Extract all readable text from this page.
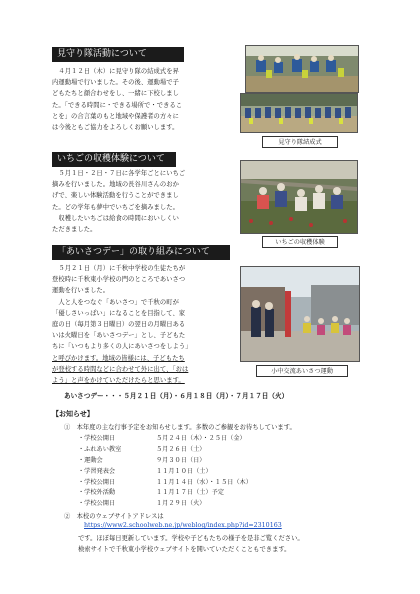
見守り隊活動について
　４月１２日（木）に見守り隊の結成式を昇
内運動場で行いました。その後、運動場で子
どもたちと顔合わせをし、一緒に下校しまし
た。「できる時間に・できる場所で・できるこ
とを」の合言葉のもと地域や保護者の方々に
は今後ともご協力をよろしくお願いします。
見守り隊結成式
いちごの収穫体験について
　５月１日・２日・７日に各学年ごとにいちご
摘みを行いました。地域の長谷川さんのおか
げで、楽しい体験活動を行うことができまし
た。どの学年も夢中でいちごを摘みました。
　収穫したいちごは給食の時間においしくい
ただきました。
いちごの収穫体験
「あいさつデー」の取り組みについて
　５月２１日（月）に千秋中学校の生徒たちが
登校時に千秋東小学校の門のところであいさつ
運動を行いました。
　人と人をつなぐ「あいさつ」で千秋の町が
「優しさいっぱい」になることを目指して、家
庭の日（毎月第３日曜日）の翌日の月曜日ある
いは火曜日を「あいさつデー」とし、子どもた
ちに「いつもより多くの人にあいさつをしよう」
と呼びかけます。地域の皆様には、子どもたち
が登校する時間などに合わせて外に出て、「おは
よう」と声をかけていただけたらと思います。
小中交流あいさつ運動
あいさつデー・・・５月２１日（月）・６月１８日（月）・７月１７日（火）
【お知らせ】
①　本年度の主な行事予定をお知らせします。多数のご参観をお待ちしています。
・学校公開日	５月２４日（木）・２５日（金）
・ふれあい教室	５月２６日（土）
・運動会	９月３０日（日）
・学習発表会	１１月１０日（土）
・学校公開日	１１月１４日（水）・１５日（木）
・学校外活動	１１月１７日（土）予定
・学校公開日	１月２９日（火）
②　本校のウェブサイトアドレスは
https://www2.schoolweb.ne.jp/weblog/index.php?id=2310163
です。ほぼ毎日更新しています。学校や子どもたちの様子を是非ご覧ください。
検索サイトで千秋東小学校ウェブサイトを開いていただくこともできます。
